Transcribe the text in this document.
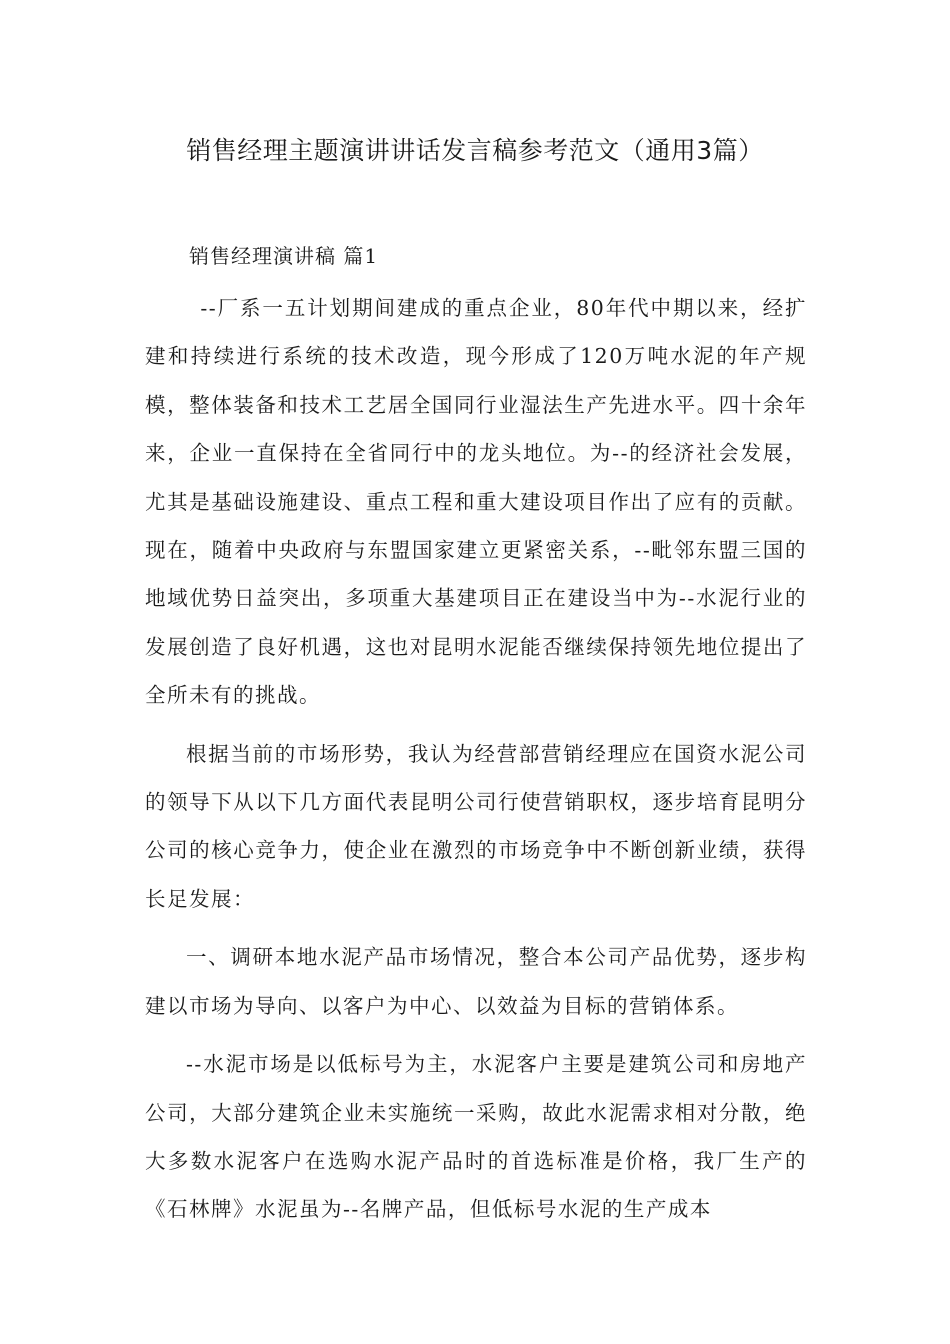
销售经理主题演讲讲话发言稿参考范文（通用3篇）
销售经理演讲稿 篇1

--厂系一五计划期间建成的重点企业，80年代中期以来，经扩建和持续进行系统的技术改造，现今形成了120万吨水泥的年产规模，整体装备和技术工艺居全国同行业湿法生产先进水平。四十余年来，企业一直保持在全省同行中的龙头地位。为--的经济社会发展，尤其是基础设施建设、重点工程和重大建设项目作出了应有的贡献。现在，随着中央政府与东盟国家建立更紧密关系，--毗邻东盟三国的地域优势日益突出，多项重大基建项目正在建设当中为--水泥行业的发展创造了良好机遇，这也对昆明水泥能否继续保持领先地位提出了全所未有的挑战。

根据当前的市场形势，我认为经营部营销经理应在国资水泥公司的领导下从以下几方面代表昆明公司行使营销职权，逐步培育昆明分公司的核心竞争力，使企业在激烈的市场竞争中不断创新业绩，获得长足发展：

一、调研本地水泥产品市场情况，整合本公司产品优势，逐步构建以市场为导向、以客户为中心、以效益为目标的营销体系。

--水泥市场是以低标号为主，水泥客户主要是建筑公司和房地产公司，大部分建筑企业未实施统一采购，故此水泥需求相对分散，绝大多数水泥客户在选购水泥产品时的首选标准是价格，我厂生产的《石林牌》水泥虽为--名牌产品，但低标号水泥的生产成本
